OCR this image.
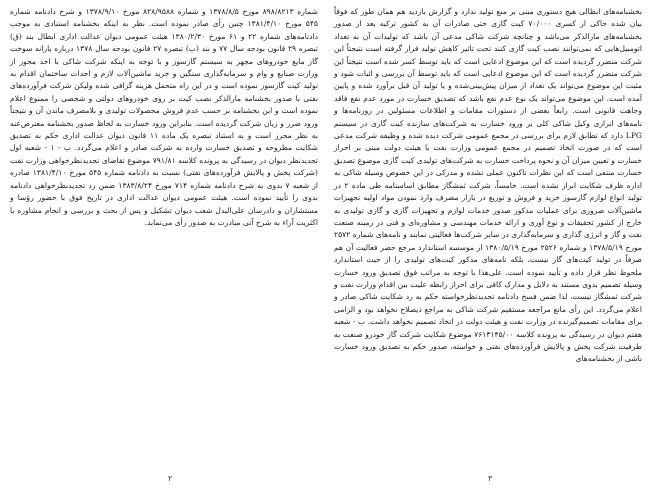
بخشنامه‌های ابطالی هیچ دستوری مبنی بر منع تولید ندارد و گزارش بازدید هم همان طور که فوقاً بیان شده حاکی از کسری ۷۰/۰۰۰ کیت گازی حتی صادرات آن به کشور ترکیه بعد از صدور بخشنامه‌های مارالذکر می‌باشد و چنانچه شرکت شاکی مدعی آن باشد که تولیدات آن به تعداد اتومبیل‌هایی که نمی‌توانند نصب کیت گازی کنند تحت تاثیر کاهش تولید قرار گرفته است نتیجتاً این شرکت متضرر گردیده است که این موضوع ادعایی است که باید توسط کسر شده است نتیجتاً این شرکت متضرر گردیده است که این موضوع ادعایی است که باید توسط آن بررسی و اثبات شود و مثبت این موضوع می‌تواند یک تعداد از میزان پیش‌بینی‌شده و یا تولید آن قبل برآورد شده و پایین آمده است. این موضوع می‌تواند یک نوع عدم نفع باشد که تصدیق خسارت در مورد عدم نفع فاقد وجاهت قانونی است. رابعاً بعضی از دستورات مقامات و اطلاعات مسئولین در روزنامه‌ها و نامه‌های ابرازی وکیل شاکی کلی بر ورود خسارت به شرکت‌های سازنده کیت گازی در سیستم LPG دارد که تطابق لازم برای بررسی در مجمع عمومی شرکت دیده شده و وظیفه شرکت مدعی است که در صورت اتخاذ تصمیم در مجمع عمومی وزارت نفت یا هیئت دولت مبنی بر احراز خسارت و تعیین میزان آن و نحوه پرداخت خسارت به شرکت‌های تولیدی کیت گازی موضوع تصدیق خسارت منتفی است که این نظرات تاکنون عملی نشده و مدرکی در این خصوص وسیله شاکی به اداره ظرف شکایت ابراز نشده است. خامساً، شرکت ثمشگاز مطابق اساسنامه طی ماده ۲ در تولید انواع لوازم گازسوز خرید و فروش و توزیع در بازار مصرف وارد نمودن مواد اولیه تجهیزات ماشین‌آلات ضروری برای عملیات مذکور صدور خدمات لوازم و تجهیزات گازی و گازی تولیدی به خارج از کشور تحقیقات و نوع آوری و ارائه خدمات مهندسی و مشاوره‌ای و فنی در زمینه صنعت نفت و گاز و انرژی گذاری و سرمایه‌گذاری در سایر شرکت‌ها فعالیتی نمایند و نامه‌های شماره ۲۵۷۲ مورخ ۱۳۷۸/۵/۱۹ و شماره ۲۵۲۶ مورخ ۱۳۸۰/۵/۱۹ از موسسه استاندارد مرجع حضر فعالیت آن هم صرفاً در تولید کیت‌های گاز نیست، بلکه نامه‌های مذکور کیت‌های تولیدی را از حیث استاندارد ملحوظ نظر قرار داده و تأیید نموده است. علی‌هذا با توجه به مراتب فوق تصدیق ورود خسارت وسیله تصمیم بدوی مستند به دلایل و مدارک کافی برای احراز رابطه علیت بین اقدام وزارت نفت و شرکت ثمشگاز نیست، لذا ضمن فسخ دادنامه تجدیدنظرخواسته حکم به رد شکایت شاکی صادر و اعلام می‌گردد. این رأی مانع مراجعه مستقیم شرکت شاکی به مراجع ذیصلاح نخواهد بود و الزامی برای مقامات تصمیم‌گیرنده در وزارت نفت و هیئت دولت در اتخاذ تصمیم نخواهد داشت. ب - شعبه هفتم دیوان در رسیدگی به پرونده کلاسه ۷۶۱۳۱۴۵/۰۰ موضوع شکایت شرکت گاز خودرو صنعت به طرفیت شرکت پخش و پالایش فرآورده‌های نفتی و خواسته، صدور حکم به تصدیق ورود خسارت ناشی از بخشنامه‌های

شماره ۸۹۸/۸۲۱۳ مورخ ۱۳۷۸/۸/۵ و شماره ۸۲۸/۹۵۸۸ مورخ ۱۳۷۸/۹/۱۰ و شرح دادنامه شماره ۵۴۵ مورخ ۱۳۸۱/۴/۱۰ چنین رأی صادر نموده است. نظر به اینکه بخشنامه استنادی به موجب دادنامه‌های شماره ۲۲ و ۶۱ مورخ ۱۳۸۰/۲/۳۰ هیئت عمومی دیوان عدالت اداری ابطال بند (ق) تبصره ۲۹ قانون بودجه سال ۷۷ و بند (ب) تبصره ۲۷ قانون بودجه سال ۱۳۷۸ درباره پارانه سوخت گاز مایع خودروهای مجهز به سیستم گازسوز و با توجه به اینکه شرکت شاکی با اخذ مجوز از وزارت صنایع و وام و سرمایه‌گذاری سنگین و خرید ماشین‌آلات لازم و احداث ساختمان اقدام به تولید کیت گازسوز نموده است و در این راه متحمل هزینه گزافی شده ولیکن شرکت فرآورده‌های نفتی با صدور بخشنامه مارالذکر نصب کیت بر روی خودروهای دولتی و شخصی را ممنوع اعلام نموده است و این بخشنامه بر حسب عدم فروش محصولات تولیدی و بلامصرف ماندن آن و نتیجتاً ورود ضرر و زیان شرکت گردیده است. بنابراین ورود خسارت به لحاظ صدور بخشنامه معترض‌عنه به نظر محرز است و به استناد تبصره یک ماده ۱۱ قانون دیوان عدالت اداری حکم به تصدیق شکایت مطروحه و تصدیق خسارت وارده به شرکت صادر و اعلام می‌گردد. ب - ۱ - شعبه اول تجدیدنظر دیوان در رسیدگی به پرونده کلاسه ۷۹۱/۸۱ موضوع تقاضای تجدیدنظرخواهی وزارت نفت (شرکت پخش و پالایش فرآورده‌های نفتی) نسبت به دادنامه شماره ۵۴۵ مورخ ۱۳۸۱/۴/۱۰ صادره از شعبه ۷ بدوی به شرح دادنامه شماره ۷۱۴ مورخ ۱۳۸۳/۸/۲۴ ضمن رد تجدیدنظرخواهی دادنامه بدوی را تأیید نموده است. هیئت عمومی دیوان عدالت اداری در تاریخ فوق با حضور رؤسا و مستشاران و دادرسان علی‌البدل شعب دیوان تشکیل و پس از بحث و بررسی و انجام مشاوره با اکثریت آراء به شرح آتی مبادرت به صدور رأی می‌نماید.

۲	۳
